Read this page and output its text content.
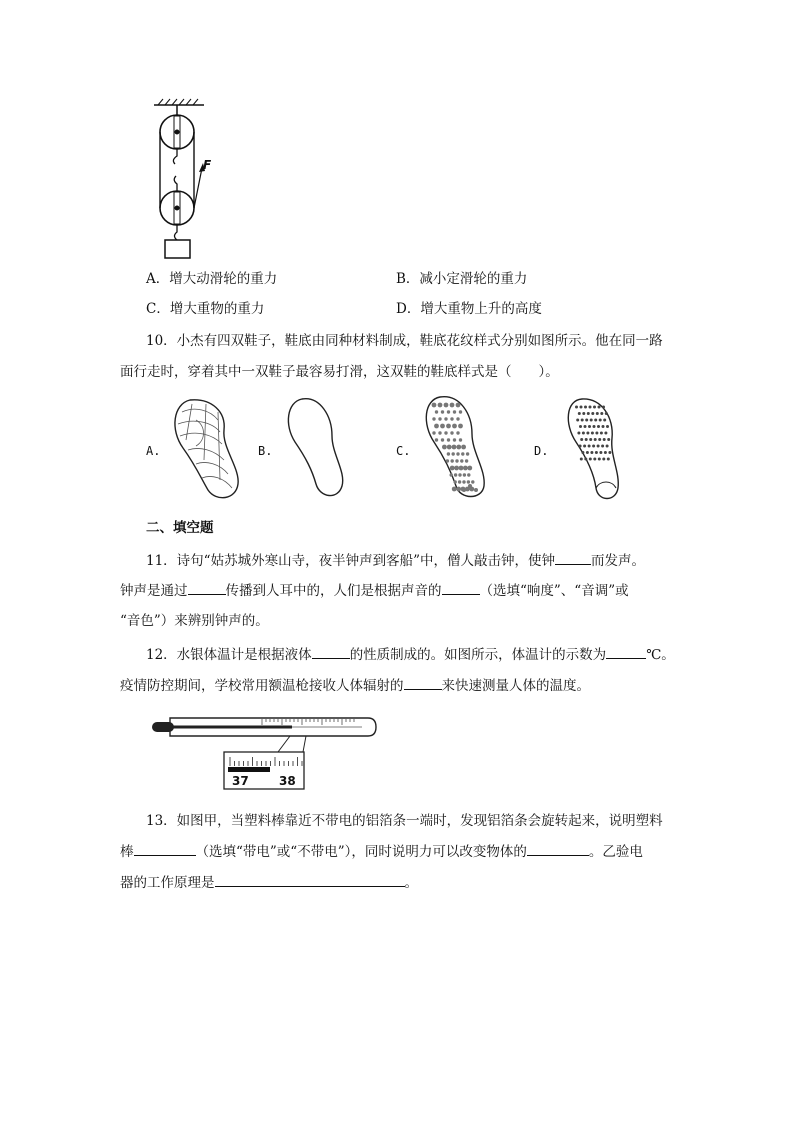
F
A．增大动滑轮的重力	B．减小定滑轮的重力
C．增大重物的重力	D．增大重物上升的高度
10．小杰有四双鞋子，鞋底由同种材料制成，鞋底花纹样式分别如图所示。他在同一路
面行走时，穿着其中一双鞋子最容易打滑，这双鞋的鞋底样式是（　　）。
A.	B.	C.	D.
二、填空题
11．诗句“姑苏城外寒山寺，夜半钟声到客船”中，僧人敲击钟，使钟	而发声。
钟声是通过	传播到人耳中的，人们是根据声音的	（选填“响度”、“音调”或
“音色”）来辨别钟声的。
12．水银体温计是根据液体	的性质制成的。如图所示，体温计的示数为	℃。
疫情防控期间，学校常用额温枪接收人体辐射的	来快速测量人体的温度。
37	38
13．如图甲，当塑料棒靠近不带电的铝箔条一端时，发现铝箔条会旋转起来，说明塑料
棒	（选填“带电”或“不带电”），同时说明力可以改变物体的	。乙验电
器的工作原理是	。
